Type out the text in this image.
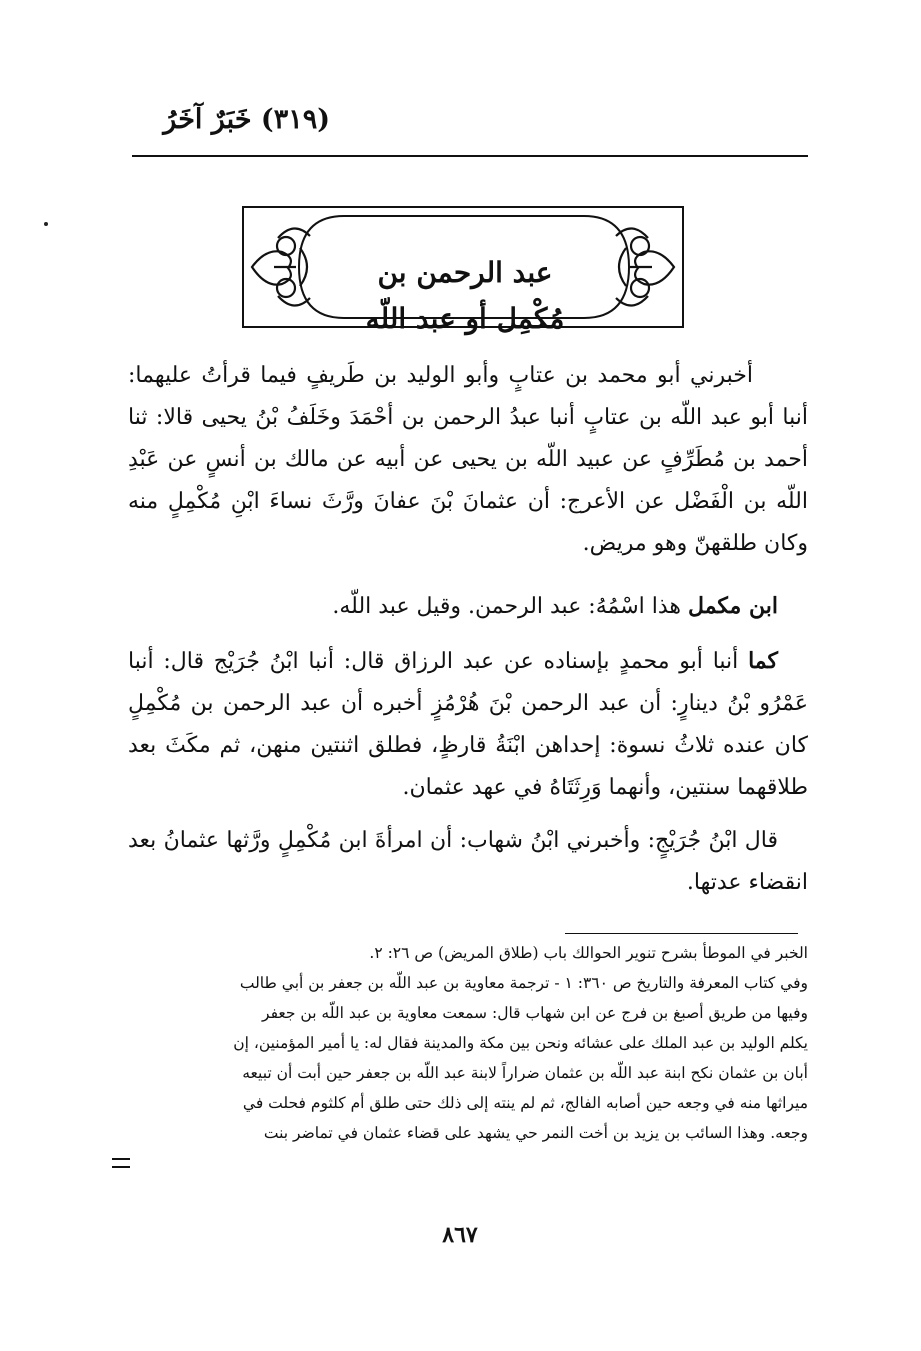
(٣١٩) خَبَرٌ آخَرُ
عبد الرحمن بن
مُكْمِل أو عبد اللّه
أخبرني أبو محمد بن عتابٍ وأبو الوليد بن طَريفٍ فيما قرأتُ عليهما: أنبا أبو عبد اللّه بن عتابٍ أنبا عبدُ الرحمن بن أحْمَدَ وخَلَفُ بْنُ يحيى قالا: ثنا أحمد بن مُطَرِّفٍ عن عبيد اللّه بن يحيى عن أبيه عن مالك بن أنسٍ عن عَبْدِ اللّه بن الْفَضْل عن الأعرج: أن عثمانَ بْنَ عفانَ ورَّثَ نساءَ ابْنِ مُكْمِلٍ منه وكان طلقهنّ وهو مريض.
ابن مكمل هذا اسْمُهُ: عبد الرحمن. وقيل عبد اللّه.
كما أنبا أبو محمدٍ بإسناده عن عبد الرزاق قال: أنبا ابْنُ جُرَيْج قال: أنبا عَمْرُو بْنُ دينارٍ: أن عبد الرحمن بْنَ هُرْمُزٍ أخبره أن عبد الرحمن بن مُكْمِلٍ كان عنده ثلاثُ نسوة: إحداهن ابْنَةُ قارظٍ، فطلق اثنتين منهن، ثم مكَثَ بعد طلاقهما سنتين، وأنهما وَرِثَتَاهُ في عهد عثمان.
قال ابْنُ جُرَيْجٍ: وأخبرني ابْنُ شهاب: أن امرأةَ ابن مُكْمِلٍ ورَّثها عثمانُ بعد انقضاء عدتها.
الخبر في الموطأ بشرح تنوير الحوالك باب (طلاق المريض) ص ٢٦: ٢.
وفي كتاب المعرفة والتاريخ ص ٣٦٠: ١ - ترجمة معاوية بن عبد اللّه بن جعفر بن أبي طالب
وفيها من طريق أصبغ بن فرج عن ابن شهاب قال: سمعت معاوية بن عبد اللّه بن جعفر
يكلم الوليد بن عبد الملك على عشائه ونحن بين مكة والمدينة فقال له: يا أمير المؤمنين، إن
أبان بن عثمان نكح ابنة عبد اللّه بن عثمان ضراراً لابنة عبد اللّه بن جعفر حين أبت أن تبيعه
ميراثها منه في وجعه حين أصابه الفالج، ثم لم ينته إلى ذلك حتى طلق أم كلثوم فحلت في
وجعه. وهذا السائب بن يزيد بن أخت النمر حي يشهد على قضاء عثمان في تماضر بنت
٨٦٧
